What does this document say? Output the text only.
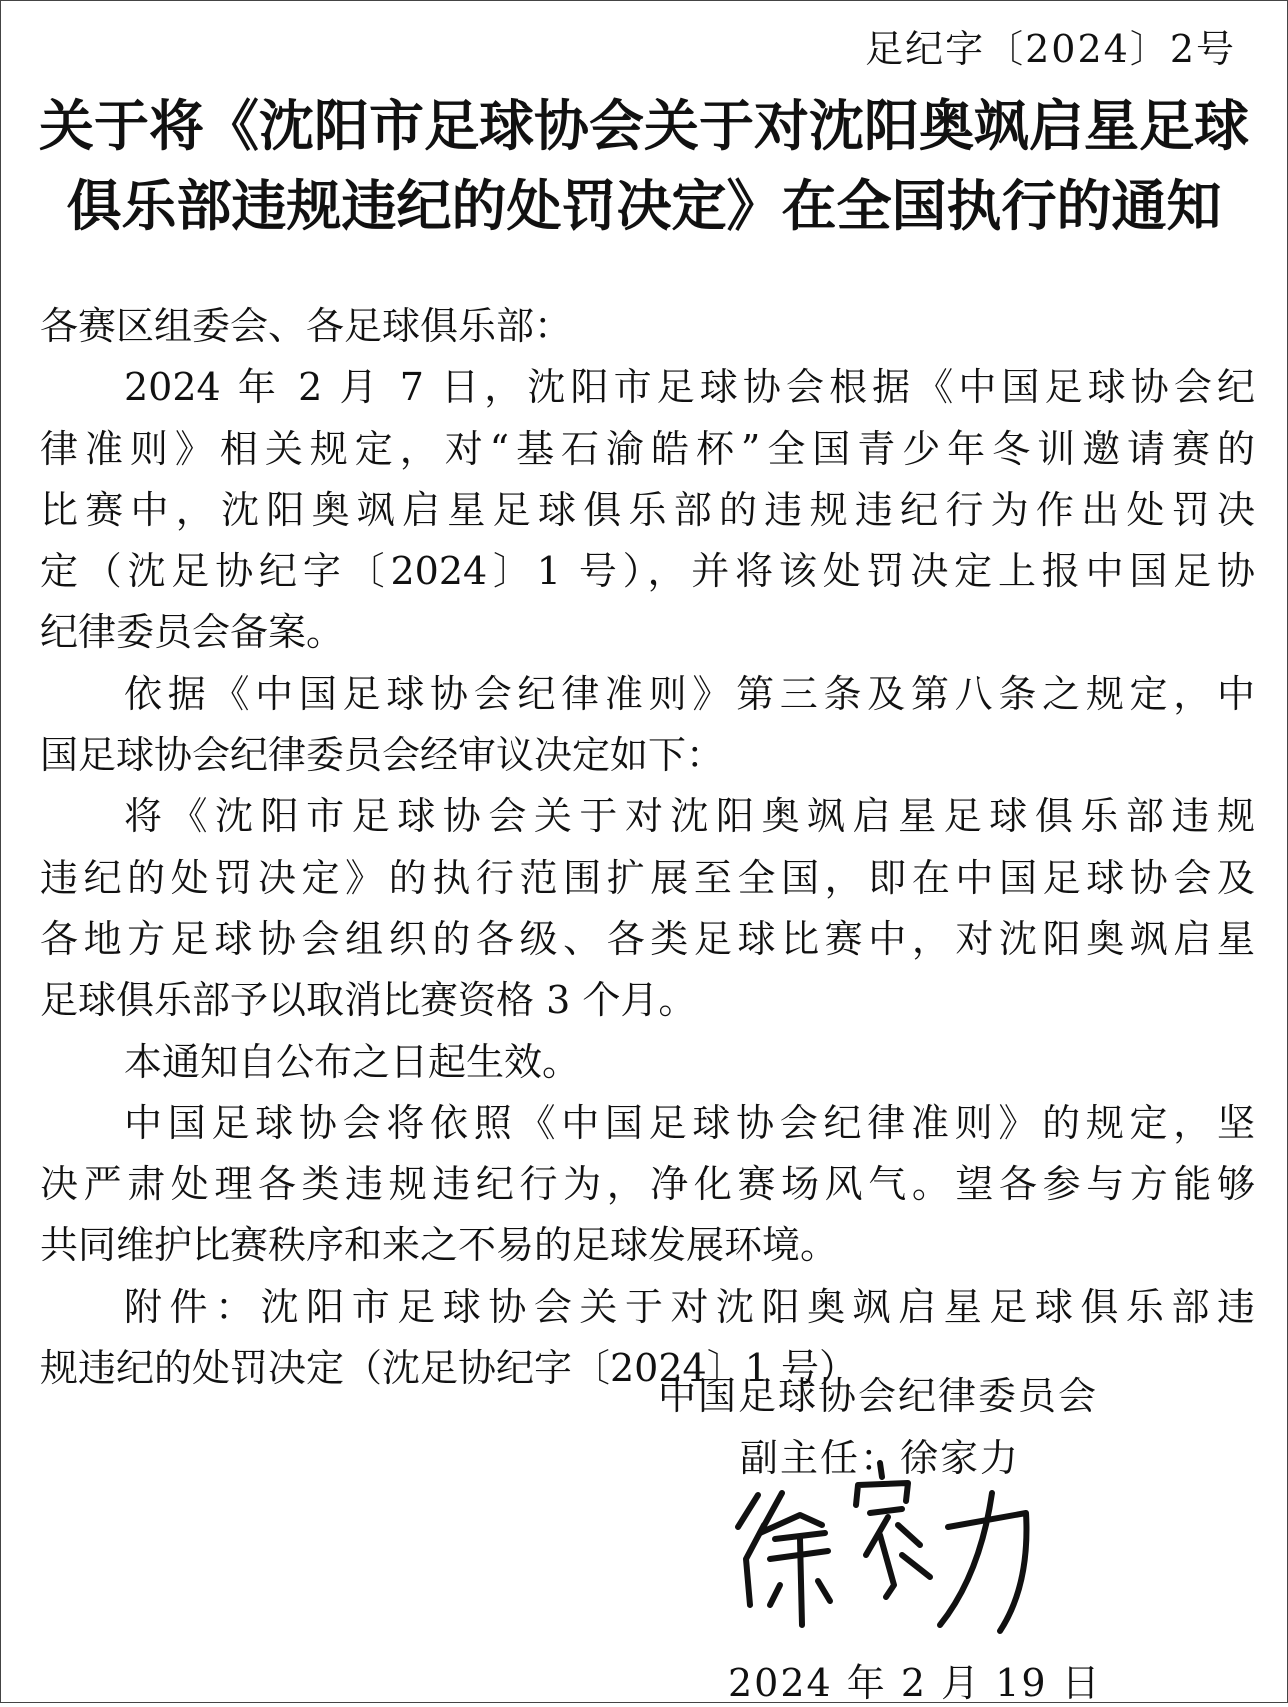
足纪字〔2024〕2号
关于将《沈阳市足球协会关于对沈阳奥飒启星足球
俱乐部违规违纪的处罚决定》在全国执行的通知
各赛区组委会、各足球俱乐部：
2024 年 2 月 7 日，沈阳市足球协会根据《中国足球协会纪
律准则》相关规定，对“基石渝皓杯”全国青少年冬训邀请赛的
比赛中，沈阳奥飒启星足球俱乐部的违规违纪行为作出处罚决
定（沈足协纪字〔2024〕1 号），并将该处罚决定上报中国足协
纪律委员会备案。
依据《中国足球协会纪律准则》第三条及第八条之规定，中
国足球协会纪律委员会经审议决定如下：
将《沈阳市足球协会关于对沈阳奥飒启星足球俱乐部违规
违纪的处罚决定》的执行范围扩展至全国，即在中国足球协会及
各地方足球协会组织的各级、各类足球比赛中，对沈阳奥飒启星
足球俱乐部予以取消比赛资格 3 个月。
本通知自公布之日起生效。
中国足球协会将依照《中国足球协会纪律准则》的规定，坚
决严肃处理各类违规违纪行为，净化赛场风气。望各参与方能够
共同维护比赛秩序和来之不易的足球发展环境。
附件：沈阳市足球协会关于对沈阳奥飒启星足球俱乐部违
规违纪的处罚决定（沈足协纪字〔2024〕1 号）
中国足球协会纪律委员会
副主任：徐家力
2024 年 2 月 19 日
